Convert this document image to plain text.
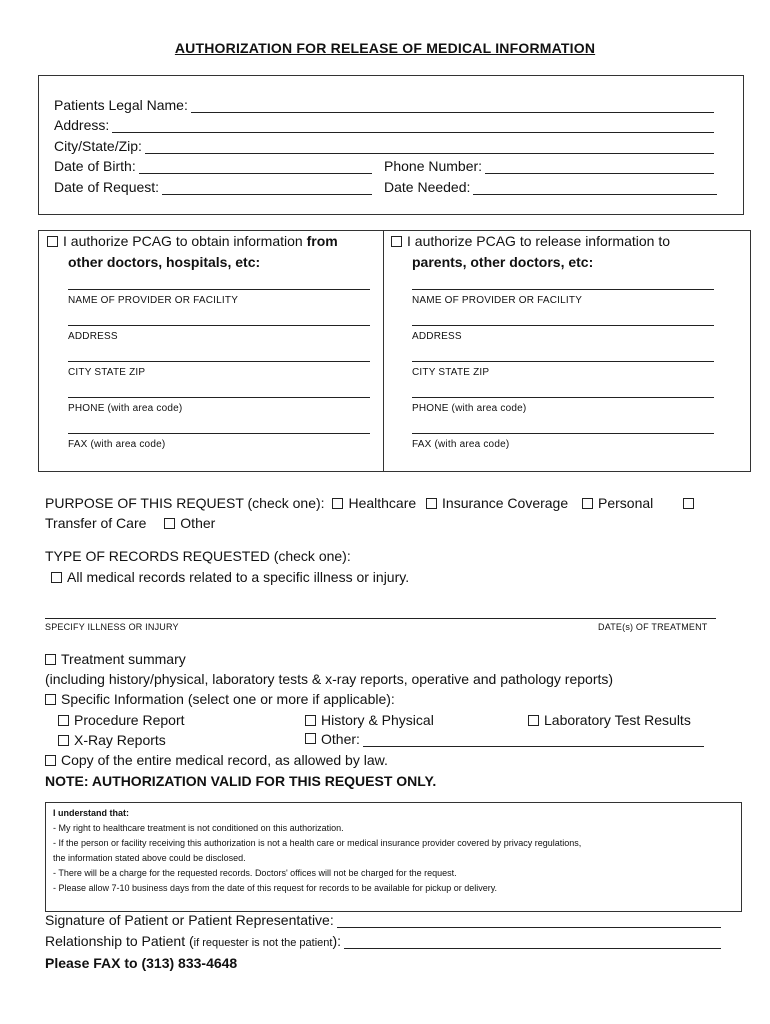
AUTHORIZATION FOR RELEASE OF MEDICAL INFORMATION
Patients Legal Name:
Address:
City/State/Zip:
Date of Birth:	Phone Number:
Date of Request:	Date Needed:
I authorize PCAG to obtain information from
other doctors, hospitals, etc:
I authorize PCAG to release information to
parents, other doctors, etc:
NAME OF PROVIDER OR FACILITY
ADDRESS
CITY STATE ZIP
PHONE (with area code)
FAX (with area code)
NAME OF PROVIDER OR FACILITY
ADDRESS
CITY STATE ZIP
PHONE (with area code)
FAX (with area code)
PURPOSE OF THIS REQUEST (check one): Healthcare Insurance Coverage Personal
Transfer of Care Other
TYPE OF RECORDS REQUESTED (check one):
All medical records related to a specific illness or injury.
SPECIFY ILLNESS OR INJURY	DATE(s) OF TREATMENT
Treatment summary
(including history/physical, laboratory tests & x-ray reports, operative and pathology reports)
Specific Information (select one or more if applicable):
Procedure Report	History & Physical	Laboratory Test Results
X-Ray Reports	Other:
Copy of the entire medical record, as allowed by law.
NOTE: AUTHORIZATION VALID FOR THIS REQUEST ONLY.
I understand that:
- My right to healthcare treatment is not conditioned on this authorization.
- If the person or facility receiving this authorization is not a health care or medical insurance provider covered by privacy regulations,
the information stated above could be disclosed.
- There will be a charge for the requested records. Doctors' offices will not be charged for the request.
- Please allow 7-10 business days from the date of this request for records to be available for pickup or delivery.
Signature of Patient or Patient Representative:
Relationship to Patient ( if requester is not the patient ):
Please FAX to (313) 833-4648
